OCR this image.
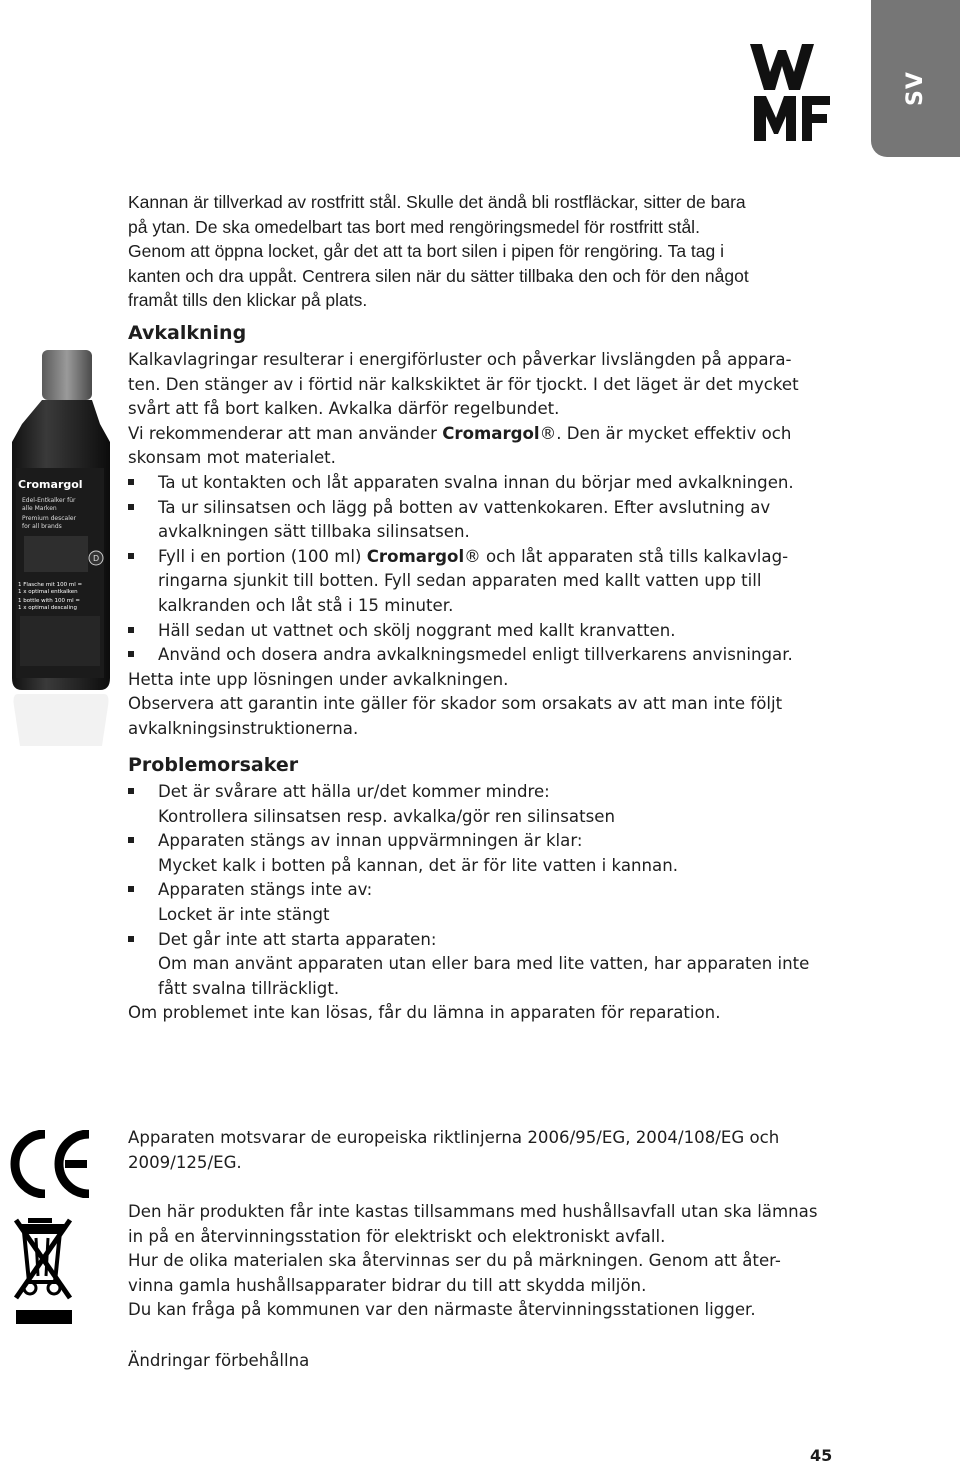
SV

Kannan är tillverkad av rostfritt stål. Skulle det ändå bli rostfläckar, sitter de bara

på ytan. De ska omedelbart tas bort med rengöringsmedel för rostfritt stål.

Genom att öppna locket, går det att ta bort silen i pipen för rengöring. Ta tag i

kanten och dra uppåt. Centrera silen när du sätter tillbaka den och för den något

framåt tills den klickar på plats.

Avkalkning

Kalkavlagringar resulterar i energiförluster och påverkar livslängden på appara-

ten. Den stänger av i förtid när kalkskiktet är för tjockt. I det läget är det mycket

svårt att få bort kalken. Avkalka därför regelbundet.

Vi rekommenderar att man använder Cromargol®. Den är mycket effektiv och

skonsam mot materialet.

Ta ut kontakten och låt apparaten svalna innan du börjar med avkalkningen.
Ta ur silinsatsen och lägg på botten av vattenkokaren. Efter avslutning av
avkalkningen sätt tillbaka silinsatsen.
Fyll i en portion (100 ml) Cromargol® och låt apparaten stå tills kalkavlag-
ringarna sjunkit till botten. Fyll sedan apparaten med kallt vatten upp till
kalkranden och låt stå i 15 minuter.
Häll sedan ut vattnet och skölj noggrant med kallt kranvatten.
Använd och dosera andra avkalkningsmedel enligt tillverkarens anvisningar.

Hetta inte upp lösningen under avkalkningen.

Observera att garantin inte gäller för skador som orsakats av att man inte följt

avkalkningsinstruktionerna.

Problemorsaker
Det är svårare att hälla ur/det kommer mindre:
Kontrollera silinsatsen resp. avkalka/gör ren silinsatsen
Apparaten stängs av innan uppvärmningen är klar:
Mycket kalk i botten på kannan, det är för lite vatten i kannan.
Apparaten stängs inte av:
Locket är inte stängt
Det går inte att starta apparaten:
Om man använt apparaten utan eller bara med lite vatten, har apparaten inte
fått svalna tillräckligt.

Om problemet inte kan lösas, får du lämna in apparaten för reparation.

Cromargol
Edel-Entkalker für
alle Marken
Premium descaler
for all brands
D
1 Flasche mit 100 ml =
1 x optimal entkalken
1 bottle with 100 ml =
1 x optimal descaling

Apparaten motsvarar de europeiska riktlinjerna 2006/95/EG, 2004/108/EG och

2009/125/EG.

Den här produkten får inte kastas tillsammans med hushållsavfall utan ska lämnas

in på en återvinningsstation för elektriskt och elektroniskt avfall.

Hur de olika materialen ska återvinnas ser du på märkningen. Genom att åter-

vinna gamla hushållsapparater bidrar du till att skydda miljön.

Du kan fråga på kommunen var den närmaste återvinningsstationen ligger.

Ändringar förbehållna

45
